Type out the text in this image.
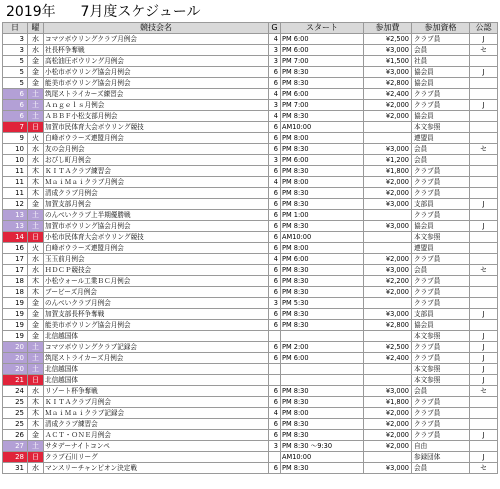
2019年 7月度スケジュール
日	曜	競技会名	G	スタート	参加費	参加資格	公認
3	水	コマツボウリングクラブ月例会	4	PM 6:00	¥2,500	クラブ員	J
3	水	社長杯争奪戦	3	PM 6:00	¥3,000	会員	セ
5	金	高松油圧ボウリング月例会	3	PM 7:00	¥1,500	社員	
5	金	小松市ボウリング協会月例会	6	PM 8:30	¥3,000	協会員	J
5	金	能美市ボウリング協会月例会	6	PM 8:30	¥2,800	協会員	
6	土	筑尾ストライカーズ練習会	4	PM 6:00	¥2,400	クラブ員	
6	土	Ａｎｇｅｌｓ月例会	3	PM 7:00	¥2,000	クラブ員	J
6	土	ＡＢＢＦ小松支部月例会	4	PM 8:30	¥2,000	協会員	
7	日	加賀市民体育大会ボウリング競技	6	AM10:00		本文参照	
9	火	白峰ボウラーズ連盟月例会	6	PM 8:00		連盟員	
10	水	友の会月例会	6	PM 8:30	¥3,000	会員	セ
10	水	おびし町月例会	3	PM 6:00	¥1,200	会員	
11	木	ＫＩＴＡクラブ練習会	6	PM 8:30	¥1,800	クラブ員	
11	木	ＭａｉＭａｉクラブ月例会	4	PM 8:00	¥2,000	クラブ員	
11	木	清成クラブ月例会	6	PM 8:30	¥2,000	クラブ員	
12	金	加賀支部月例会	6	PM 8:30	¥3,000	支部員	J
13	土	のんべいクラブ上半期優勝戦	6	PM 1:00		クラブ員	
13	土	加賀市ボウリング協会月例会	6	PM 8:30	¥3,000	協会員	J
14	日	小松市民体育大会ボウリング競技	6	AM10:00		本文参照	
16	火	白峰ボウラーズ連盟月例会	6	PM 8:00		連盟員	
17	水	玉玉前月例会	4	PM 6:00	¥2,000	クラブ員	
17	水	ＨＤＣＰ競技会	6	PM 8:30	¥3,000	会員	セ
18	木	小松ウォール工業ＢＣ月例会	6	PM 8:30	¥2,200	クラブ員	
18	木	ブービーズ月例会	6	PM 8:30	¥2,000	クラブ員	
19	金	のんべいクラブ月例会	3	PM 5:30		クラブ員	
19	金	加賀支部長杯争奪戦	6	PM 8:30	¥3,000	支部員	J
19	金	能美市ボウリング協会月例会	6	PM 8:30	¥2,800	協会員	
19	金	北信越国体				本文参照	J
20	土	コマツボウリングクラブ記録会	6	PM 2:00	¥2,500	クラブ員	J
20	土	筑尾ストライカーズ月例会	6	PM 6:00	¥2,400	クラブ員	J
20	土	北信越国体				本文参照	J
21	日	北信越国体				本文参照	J
24	水	リゾート杯争奪戦	6	PM 8:30	¥3,000	会員	セ
25	木	ＫＩＴＡクラブ月例会	6	PM 8:30	¥1,800	クラブ員	
25	木	ＭａｉＭａｉクラブ記録会	4	PM 8:00	¥2,000	クラブ員	
25	木	清成クラブ練習会	6	PM 8:30	¥2,000	クラブ員	
26	金	ＡＣＴ・ＯＮＥ月例会	6	PM 8:30	¥2,000	クラブ員	J
27	土	サタデーナイトコンペ	3	PM 8:30 ～9:30	¥2,000	自由	
28	日	クラブ石川リーグ		AM10:00		参録団体	J
31	水	マンスリーチャンピオン決定戦	6	PM 8:30	¥3,000	会員	セ
